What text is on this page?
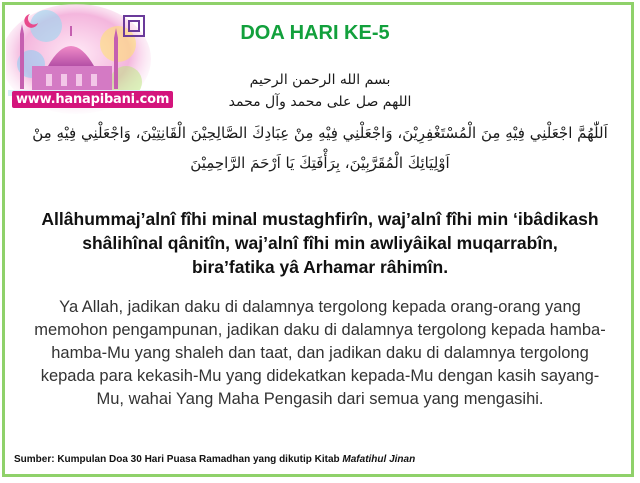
www.hanapibani.com
DOA HARI KE-5
بسم الله الرحمن الرحيم
اللهم صل على محمد وآل محمد
اَللّٰهُمَّ اجْعَلْنِي فِيْهِ مِنَ الْمُسْتَغْفِرِيْنَ، وَاجْعَلْنِي فِيْهِ مِنْ عِبَادِكَ الصَّالِحِيْنَ الْقَانِتِيْنَ، وَاجْعَلْنِي فِيْهِ مِنْ اَوْلِيَائِكَ الْمُقَرَّبِيْنَ، بِرَأْفَتِكَ يَا اَرْحَمَ الرَّاحِمِيْنَ
Allâhummaj’alnî fîhi minal mustaghfirîn, waj’alnî fîhi min ‘ibâdikash shâlihînal qânitîn, waj’alnî fîhi min awliyâikal muqarrabîn, bira’fatika yâ Arhamar râhimîn.
Ya Allah, jadikan daku di dalamnya tergolong kepada orang-orang yang memohon pengampunan, jadikan daku di dalamnya tergolong kepada hamba-hamba-Mu yang shaleh dan taat, dan jadikan daku di dalamnya tergolong kepada para kekasih-Mu yang didekatkan kepada-Mu dengan kasih sayang-Mu, wahai Yang Maha Pengasih dari semua yang mengasihi.
Sumber: Kumpulan Doa 30 Hari Puasa Ramadhan yang dikutip Kitab Mafatihul Jinan
